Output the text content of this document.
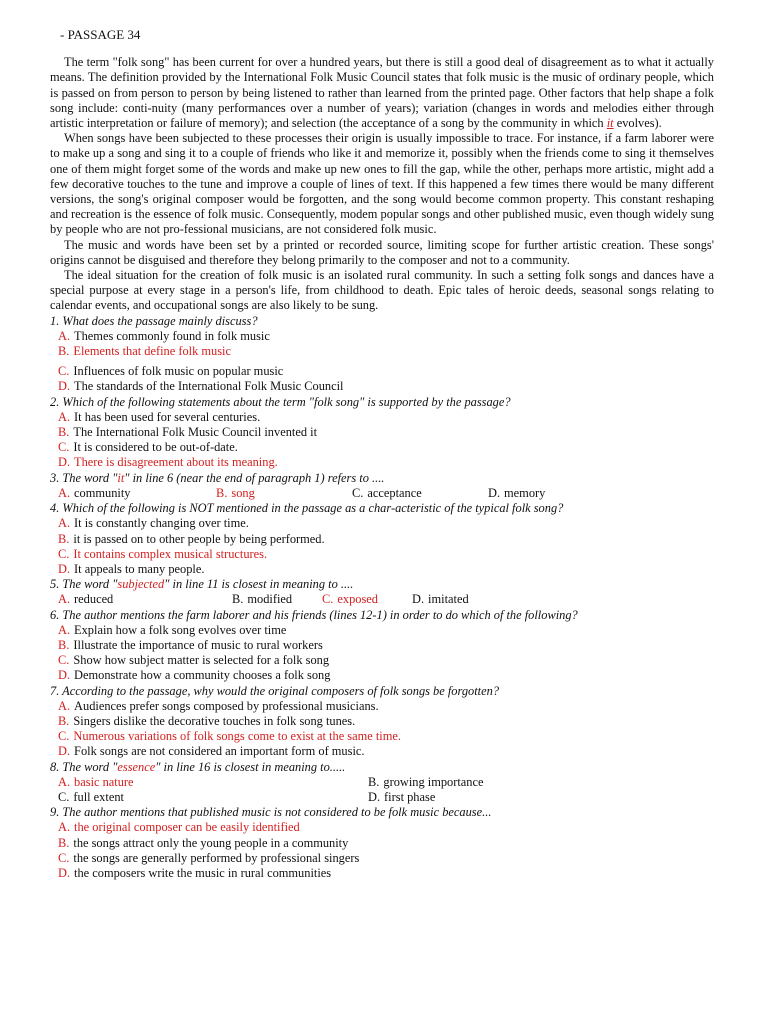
- PASSAGE 34

The term "folk song" has been current for over a hundred years, but there is still a good deal of disagreement as to what it actually means. The definition provided by the International Folk Music Council states that folk music is the music of ordinary people, which is passed on from person to person by being listened to rather than learned from the printed page. Other factors that help shape a folk song include: conti-nuity (many performances over a number of years); variation (changes in words and melodies either through artistic interpretation or failure of memory); and selection (the acceptance of a song by the community in which it evolves).

When songs have been subjected to these processes their origin is usually impossible to trace. For instance, if a farm laborer were to make up a song and sing it to a couple of friends who like it and memorize it, possibly when the friends come to sing it themselves one of them might forget some of the words and make up new ones to fill the gap, while the other, perhaps more artistic, might add a few decorative touches to the tune and improve a couple of lines of text. If this happened a few times there would be many different versions, the song's original composer would be forgotten, and the song would become common property. This constant reshaping and recreation is the essence of folk music. Consequently, modem popular songs and other published music, even though widely sung by people who are not pro-fessional musicians, are not considered folk music.

The music and words have been set by a printed or recorded source, limiting scope for further artistic creation. These songs' origins cannot be disguised and therefore they belong primarily to the composer and not to a community.

The ideal situation for the creation of folk music is an isolated rural community. In such a setting folk songs and dances have a special purpose at every stage in a person's life, from childhood to death. Epic tales of heroic deeds, seasonal songs relating to calendar events, and occupational songs are also likely to be sung.

1. What does the passage mainly discuss?

A. Themes commonly found in folk music

B. Elements that define folk music

C. Influences of folk music on popular music

D. The standards of the International Folk Music Council

2. Which of the following statements about the term "folk song" is supported by the passage?

A. It has been used for several centuries.

B. The International Folk Music Council invented it

C. It is considered to be out-of-date.

D. There is disagreement about its meaning.

3. The word "it" in line 6 (near the end of paragraph 1) refers to ....

A. community	B. song	C. acceptance	D. memory

4. Which of the following is NOT mentioned in the passage as a char-acteristic of the typical folk song?

A. It is constantly changing over time.

B. it is passed on to other people by being performed.

C. It contains complex musical structures.

D. It appeals to many people.

5. The word "subjected" in line 11 is closest in meaning to ....

A. reduced	B. modified	C. exposed	D. imitated

6. The author mentions the farm laborer and his friends (lines 12-1) in order to do which of the following?

A. Explain how a folk song evolves over time

B. Illustrate the importance of music to rural workers

C. Show how subject matter is selected for a folk song

D. Demonstrate how a community chooses a folk song

7. According to the passage, why would the original composers of folk songs be forgotten?

A. Audiences prefer songs composed by professional musicians.

B. Singers dislike the decorative touches in folk song tunes.

C. Numerous variations of folk songs come to exist at the same time.

D. Folk songs are not considered an important form of music.

8. The word "essence" in line 16 is closest in meaning to.....

A. basic nature	B. growing importance
C. full extent	D. first phase

9. The author mentions that published music is not considered to be folk music because...

A. the original composer can be easily identified

B. the songs attract only the young people in a community

C. the songs are generally performed by professional singers

D. the composers write the music in rural communities
